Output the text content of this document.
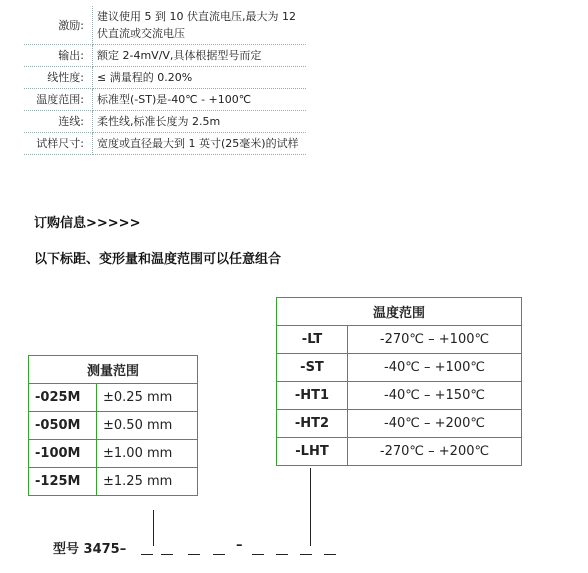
激励:	建议使用 5 到 10 伏直流电压,最大为 12 伏直流或交流电压
输出:	额定 2-4mV/V,具体根据型号而定
线性度:	≤ 满量程的 0.20%
温度范围:	标准型(-ST)是-40℃ - +100℃
连线:	柔性线,标准长度为 2.5m
试样尺寸:	宽度或直径最大到 1 英寸(25毫米)的试样
订购信息>>>>>
以下标距、变形量和温度范围可以任意组合
温度范围	
-LT	-270℃ – +100℃
-ST	-40℃ – +100℃
-HT1	-40℃ – +150℃
-HT2	-40℃ – +200℃
-LHT	-270℃ – +200℃
测量范围	
-025M	±0.25 mm
-050M	±0.50 mm
-100M	±1.00 mm
-125M	±1.25 mm
型号 3475–	–
